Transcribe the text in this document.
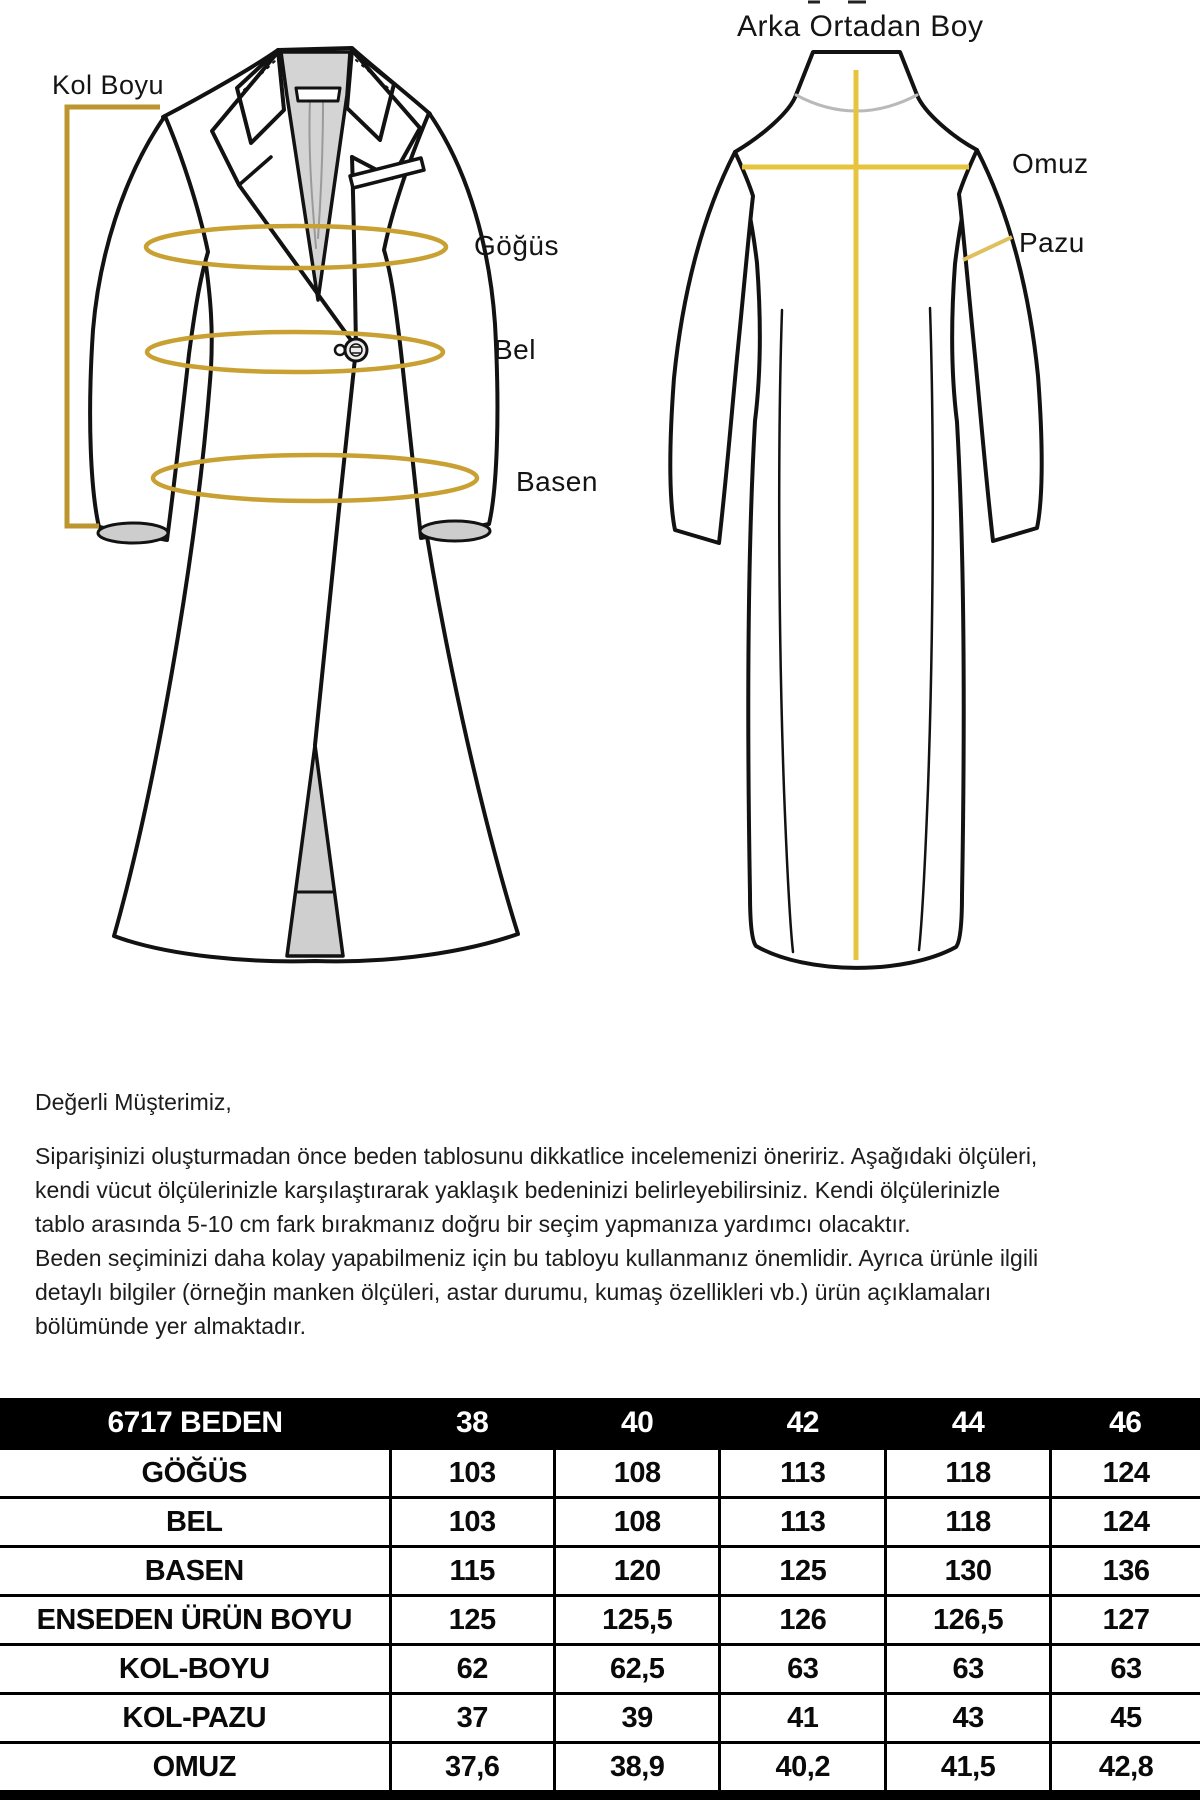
Kol Boyu
Göğüs
Bel
Basen
Arka Ortadan Boy
Omuz
Pazu

Değerli Müşterimiz,

Siparişinizi oluşturmadan önce beden tablosunu dikkatlice incelemenizi öneririz. Aşağıdaki ölçüleri, kendi vücut ölçülerinizle karşılaştırarak yaklaşık bedeninizi belirleyebilirsiniz. Kendi ölçülerinizle tablo arasında 5-10 cm fark bırakmanız doğru bir seçim yapmanıza yardımcı olacaktır.

Beden seçiminizi daha kolay yapabilmeniz için bu tabloyu kullanmanız önemlidir. Ayrıca ürünle ilgili detaylı bilgiler (örneğin manken ölçüleri, astar durumu, kumaş özellikleri vb.) ürün açıklamaları bölümünde yer almaktadır.

6717 BEDEN	38	40	42	44	46
GÖĞÜS	103	108	113	118	124
BEL	103	108	113	118	124
BASEN	115	120	125	130	136
ENSEDEN ÜRÜN BOYU	125	125,5	126	126,5	127
KOL-BOYU	62	62,5	63	63	63
KOL-PAZU	37	39	41	43	45
OMUZ	37,6	38,9	40,2	41,5	42,8
